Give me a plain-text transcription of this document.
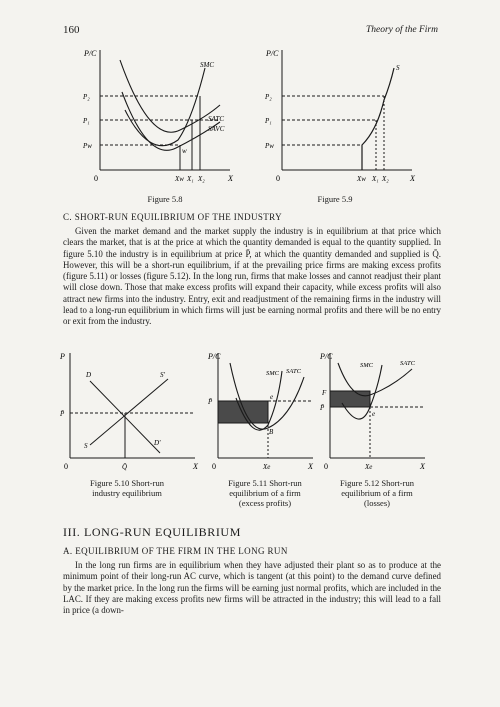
160	Theory of the Firm
P/C
X
0
SMC
SATC
SAVC
P₂
P₁
Pw
w
Xw X₁ X₂
Figure 5.8
P/C
X
0
S
P₂
P₁
Pw
Xw X₁ X₂
Figure 5.9
C. SHORT-RUN EQUILIBRIUM OF THE INDUSTRY
Given the market demand and the market supply the industry is in equilibrium at that price which clears the market, that is at the price at which the quantity demanded is equal to the quantity supplied. In figure 5.10 the industry is in equilibrium at price P̄, at which the quantity demanded and supplied is Q̄. However, this will be a short-run equilibrium, if at the prevailing price firms are making excess profits (figure 5.11) or losses (figure 5.12). In the long run, firms that make losses and cannot readjust their plant will close down. Those that make excess profits will expand their capacity, while excess profits will also attract new firms into the industry. Entry, exit and readjustment of the remaining firms in the industry will lead to a long-run equilibrium in which firms will just be earning normal profits and there will be no entry or exit from the industry.
P
X
0
D	S'
P̄
Q̄
S	D'
Figure 5.10 Short-run
industry equilibrium
P/C
X
0
SMC SATC
P̄
e
B
Xe
Figure 5.11 Short-run
equilibrium of a firm
(excess profits)
P/C
X
0
SMC	SATC
F
P̄
e
Xe
Figure 5.12 Short-run
equilibrium of a firm
(losses)
III. LONG-RUN EQUILIBRIUM
A. EQUILIBRIUM OF THE FIRM IN THE LONG RUN
In the long run firms are in equilibrium when they have adjusted their plant so as to produce at the minimum point of their long-run AC curve, which is tangent (at this point) to the demand curve defined by the market price. In the long run the firms will be earning just normal profits, which are included in the LAC. If they are making excess profits new firms will be attracted in the industry; this will lead to a fall in price (a down-
